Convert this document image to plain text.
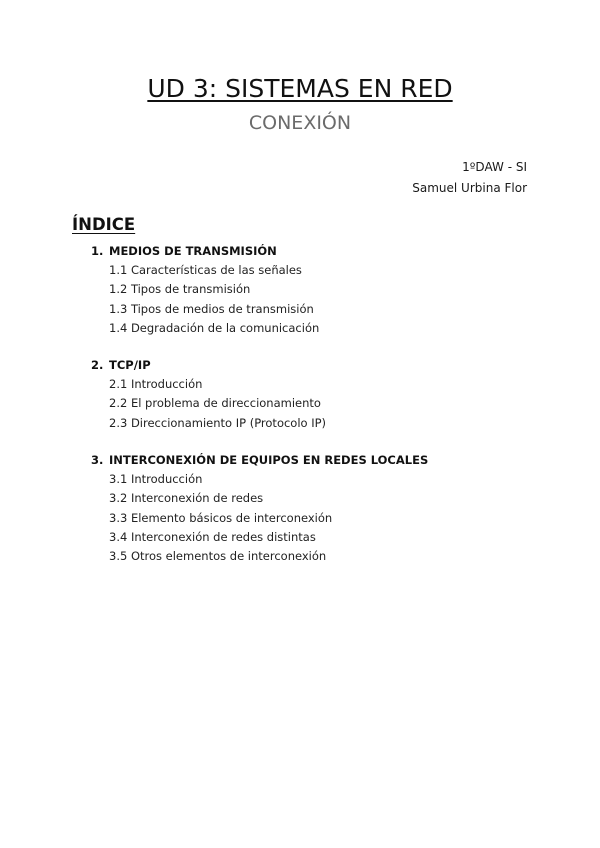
UD 3: SISTEMAS EN RED
CONEXIÓN
1ºDAW - SI
Samuel Urbina Flor
ÍNDICE
1. MEDIOS DE TRANSMISIÓN
1.1 Características de las señales
1.2 Tipos de transmisión
1.3 Tipos de medios de transmisión
1.4 Degradación de la comunicación
2. TCP/IP
2.1 Introducción
2.2 El problema de direccionamiento
2.3 Direccionamiento IP (Protocolo IP)
3. INTERCONEXIÓN DE EQUIPOS EN REDES LOCALES
3.1 Introducción
3.2 Interconexión de redes
3.3 Elemento básicos de interconexión
3.4 Interconexión de redes distintas
3.5 Otros elementos de interconexión
